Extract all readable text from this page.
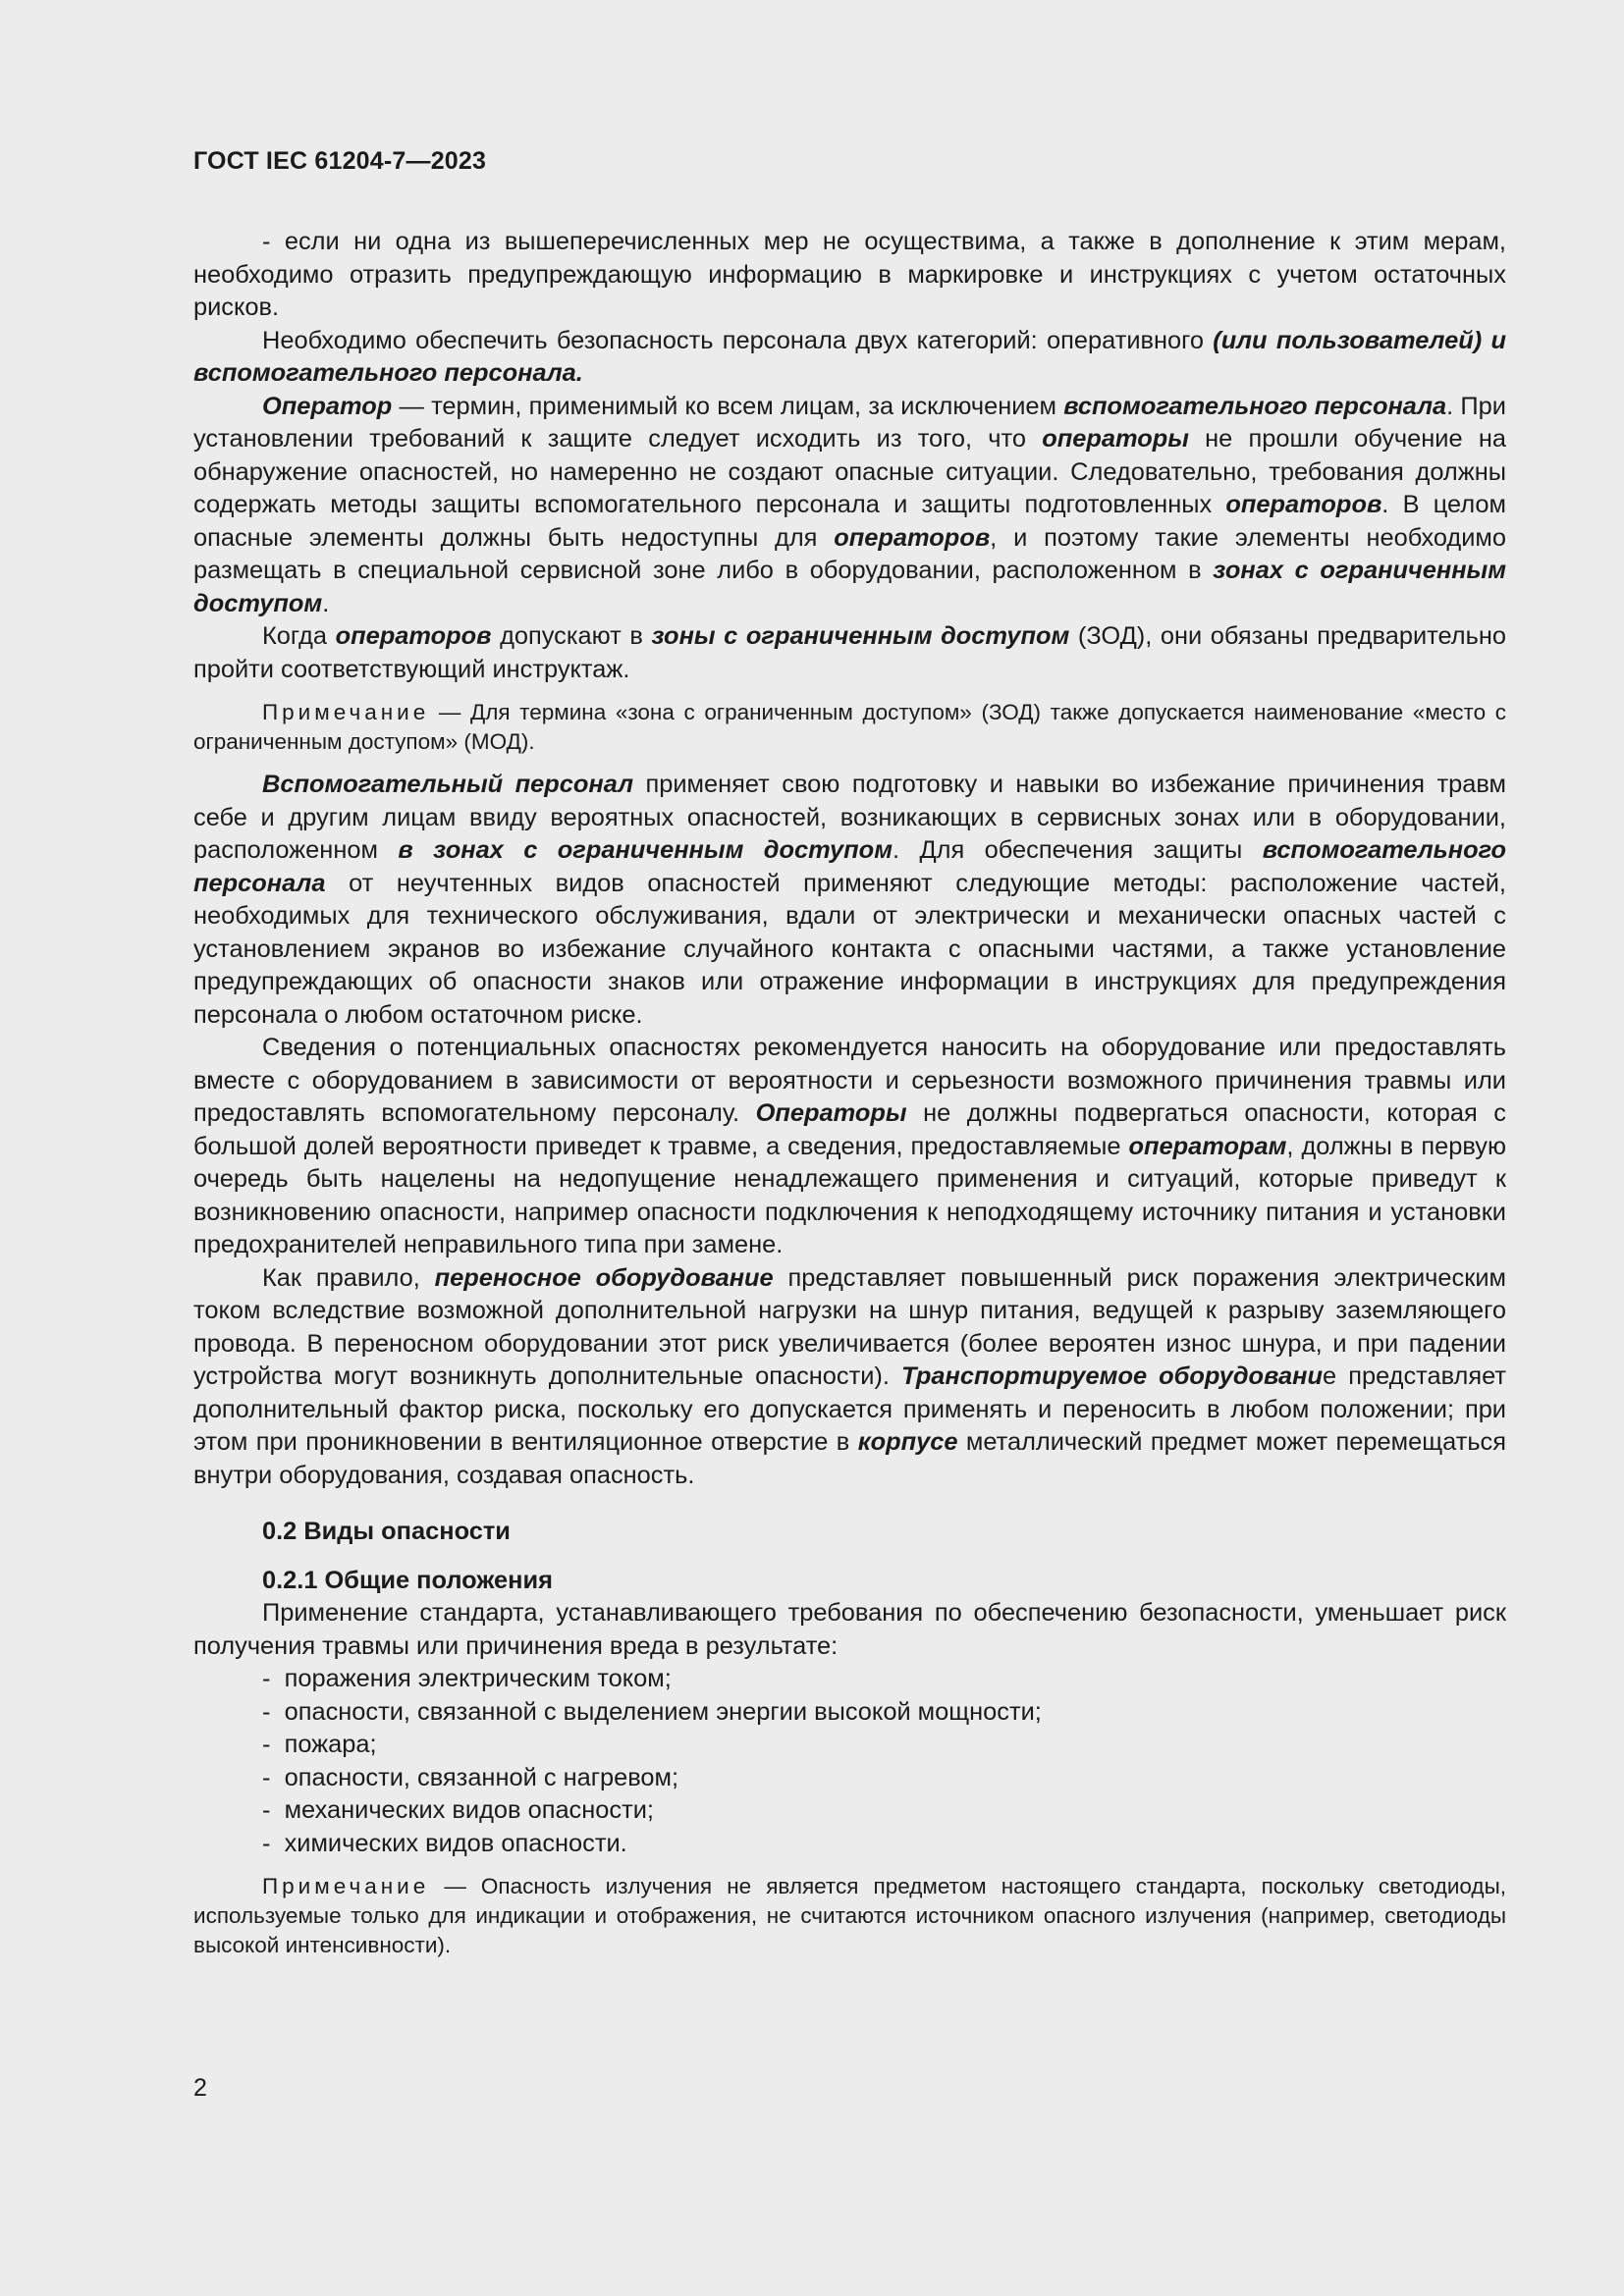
ГОСТ IEC 61204-7—2023

- если ни одна из вышеперечисленных мер не осуществима, а также в дополнение к этим мерам, необходимо отразить предупреждающую информацию в маркировке и инструкциях с учетом остаточных рисков.

Необходимо обеспечить безопасность персонала двух категорий: оперативного (или пользователей) и вспомогательного персонала.

Оператор — термин, применимый ко всем лицам, за исключением вспомогательного персонала. При установлении требований к защите следует исходить из того, что операторы не прошли обучение на обнаружение опасностей, но намеренно не создают опасные ситуации. Следовательно, требования должны содержать методы защиты вспомогательного персонала и защиты подготовленных операторов. В целом опасные элементы должны быть недоступны для операторов, и поэтому такие элементы необходимо размещать в специальной сервисной зоне либо в оборудовании, расположенном в зонах с ограниченным доступом.

Когда операторов допускают в зоны с ограниченным доступом (ЗОД), они обязаны предварительно пройти соответствующий инструктаж.

Примечание — Для термина «зона с ограниченным доступом» (ЗОД) также допускается наименование «место с ограниченным доступом» (МОД).

Вспомогательный персонал применяет свою подготовку и навыки во избежание причинения травм себе и другим лицам ввиду вероятных опасностей, возникающих в сервисных зонах или в оборудовании, расположенном в зонах с ограниченным доступом. Для обеспечения защиты вспомогательного персонала от неучтенных видов опасностей применяют следующие методы: расположение частей, необходимых для технического обслуживания, вдали от электрически и механически опасных частей с установлением экранов во избежание случайного контакта с опасными частями, а также установление предупреждающих об опасности знаков или отражение информации в инструкциях для предупреждения персонала о любом остаточном риске.

Сведения о потенциальных опасностях рекомендуется наносить на оборудование или предоставлять вместе с оборудованием в зависимости от вероятности и серьезности возможного причинения травмы или предоставлять вспомогательному персоналу. Операторы не должны подвергаться опасности, которая с большой долей вероятности приведет к травме, а сведения, предоставляемые операторам, должны в первую очередь быть нацелены на недопущение ненадлежащего применения и ситуаций, которые приведут к возникновению опасности, например опасности подключения к неподходящему источнику питания и установки предохранителей неправильного типа при замене.

Как правило, переносное оборудование представляет повышенный риск поражения электрическим током вследствие возможной дополнительной нагрузки на шнур питания, ведущей к разрыву заземляющего провода. В переносном оборудовании этот риск увеличивается (более вероятен износ шнура, и при падении устройства могут возникнуть дополнительные опасности). Транспортируемое оборудование представляет дополнительный фактор риска, поскольку его допускается применять и переносить в любом положении; при этом при проникновении в вентиляционное отверстие в корпусе металлический предмет может перемещаться внутри оборудования, создавая опасность.

0.2 Виды опасности
0.2.1 Общие положения

Применение стандарта, устанавливающего требования по обеспечению безопасности, уменьшает риск получения травмы или причинения вреда в результате:

-  поражения электрическим током;
-  опасности, связанной с выделением энергии высокой мощности;
-  пожара;
-  опасности, связанной с нагревом;
-  механических видов опасности;
-  химических видов опасности.

Примечание — Опасность излучения не является предметом настоящего стандарта, поскольку светодиоды, используемые только для индикации и отображения, не считаются источником опасного излучения (например, светодиоды высокой интенсивности).

2
